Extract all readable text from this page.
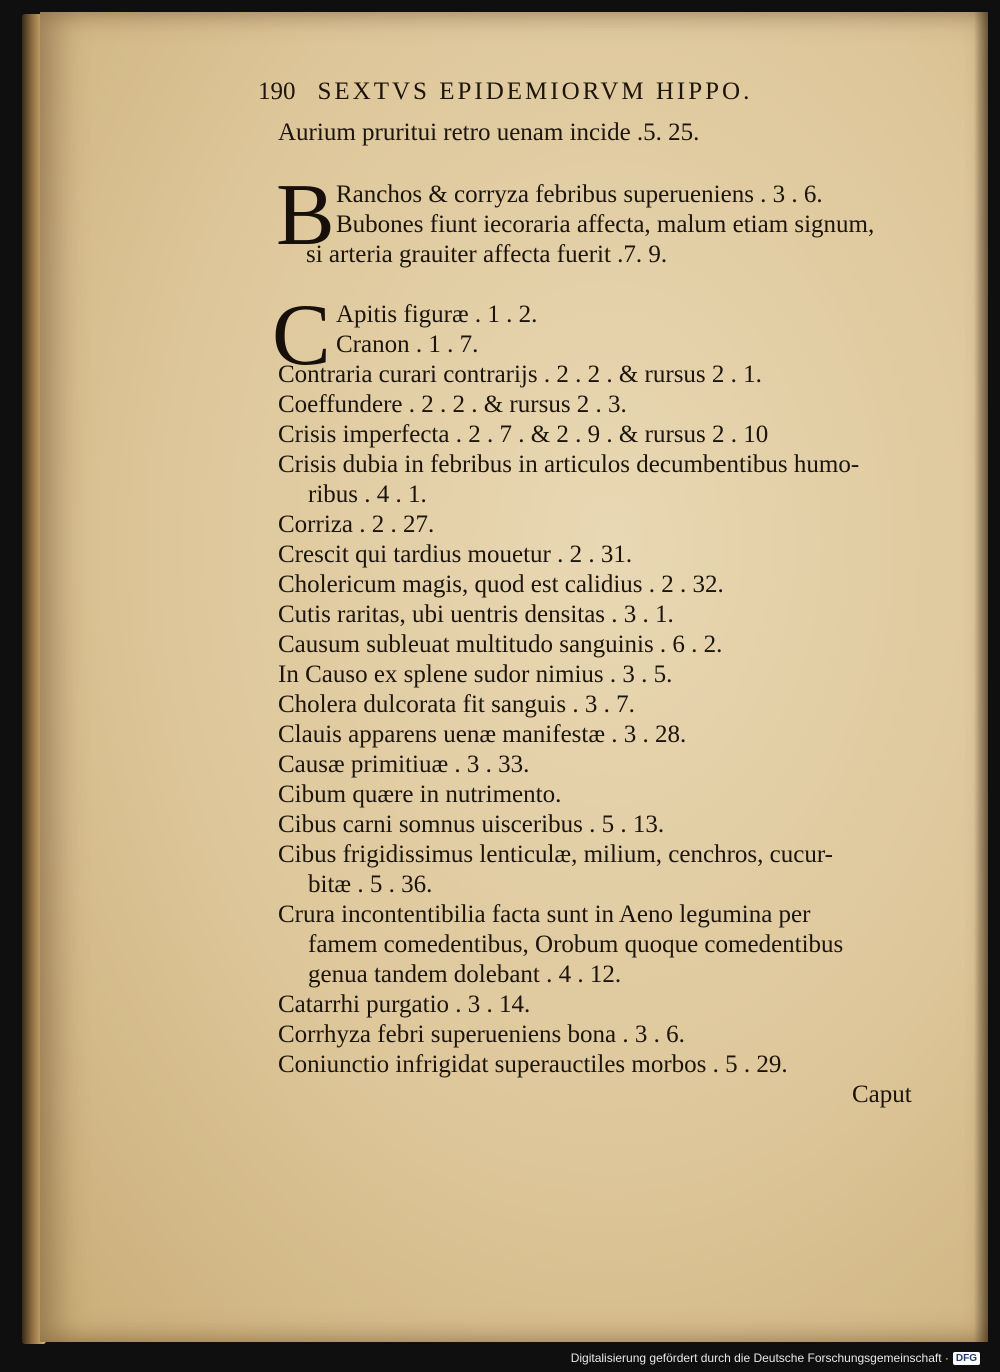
190 SEXTVS EPIDEMIORVM HIPPO.
Aurium pruritui retro uenam incide .5. 25.
B Ranchos & corryza febribus superueniens . 3 . 6.
Bubones fiunt iecoraria affecta, malum etiam signum,
si arteria grauiter affecta fuerit .7. 9.
C Apitis figuræ . 1 . 2.
Cranon . 1 . 7.
Contraria curari contrarijs . 2 . 2 . & rursus 2 . 1.
Coeffundere . 2 . 2 . & rursus 2 . 3.
Crisis imperfecta . 2 . 7 . & 2 . 9 . & rursus 2 . 10
Crisis dubia in febribus in articulos decumbentibus humo-
ribus . 4 . 1.
Corriza . 2 . 27.
Crescit qui tardius mouetur . 2 . 31.
Cholericum magis, quod est calidius . 2 . 32.
Cutis raritas, ubi uentris densitas . 3 . 1.
Causum subleuat multitudo sanguinis . 6 . 2.
In Causo ex splene sudor nimius . 3 . 5.
Cholera dulcorata fit sanguis . 3 . 7.
Clauis apparens uenæ manifestæ . 3 . 28.
Causæ primitiuæ . 3 . 33.
Cibum quære in nutrimento.
Cibus carni somnus uisceribus . 5 . 13.
Cibus frigidissimus lenticulæ, milium, cenchros, cucur-
bitæ . 5 . 36.
Crura incontentibilia facta sunt in Aeno legumina per
famem comedentibus, Orobum quoque comedentibus
genua tandem dolebant . 4 . 12.
Catarrhi purgatio . 3 . 14.
Corrhyza febri superueniens bona . 3 . 6.
Coniunctio infrigidat superauctiles morbos . 5 . 29.
Caput
Digitalisierung gefördert durch die Deutsche Forschungsgemeinschaft · DFG
